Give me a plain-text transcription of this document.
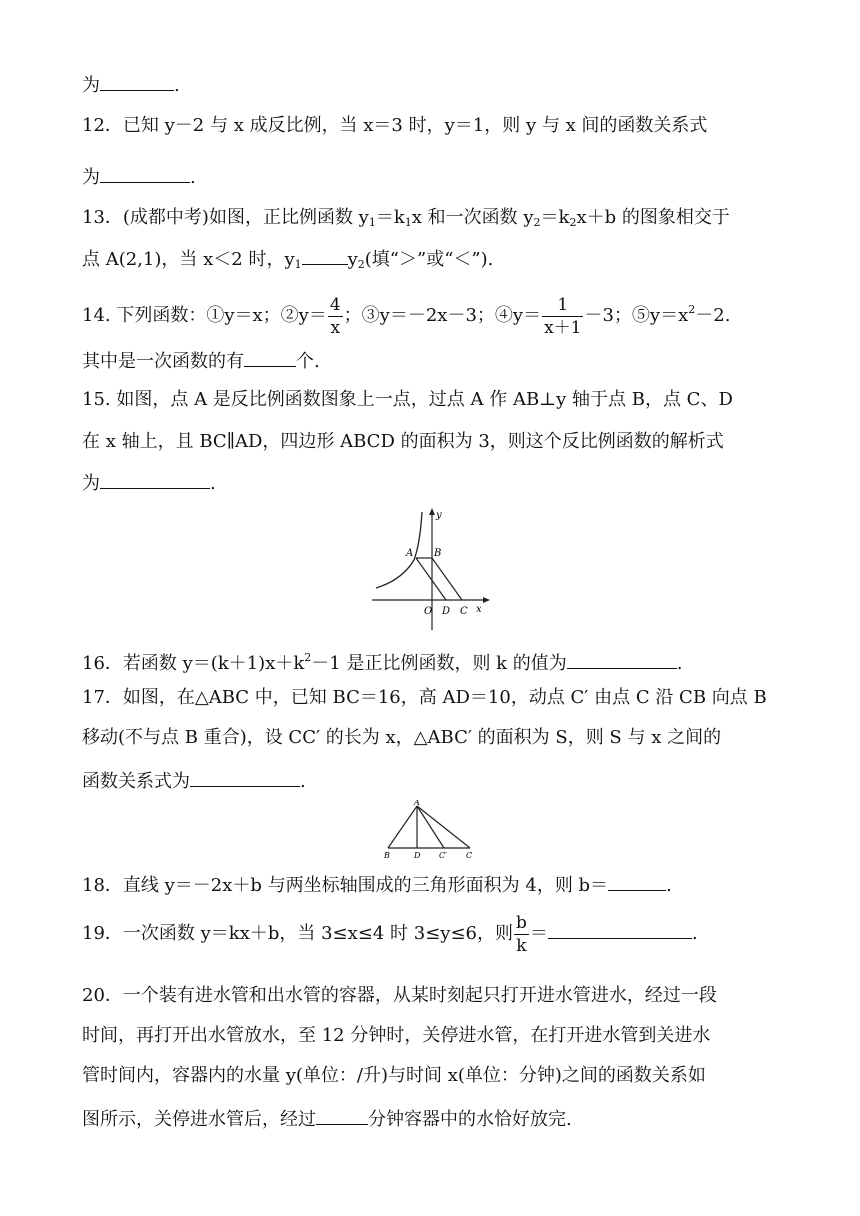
为	.
12．已知 y－2 与 x 成反比例，当 x＝3 时，y＝1，则 y 与 x 间的函数关系式
为	.
13．(成都中考)如图，正比例函数 $y_1=k_1x$ 和一次函数 $y_2=k_2x+b$ 的图象相交于
点 A(2,1)，当 x＜2 时，$y_1$	$y_2$(填“＞”或“＜”).
14. 下列函数：①y＝x；②y＝ $\frac{4}{x}$ ；③y＝－2x－3；④y＝ $\frac{1}{x+1} -3$；$⑤y=x^2-2$.
其中是一次函数的有	个.
15. 如图，点 A 是反比例函数图象上一点，过点 A 作 AB⊥y 轴于点 B，点 C、D
在 x 轴上，且 BC∥AD，四边形 ABCD 的面积为 3，则这个反比例函数的解析式
为	.
A B
O D C x
y
16．若函数 $y=(k+1)x+k^2-1$ 是正比例函数，则 k 的值为	.
17．如图，在△ABC 中，已知 BC＝16，高 AD＝10，动点 C′ 由点 C 沿 CB 向点 B
移动(不与点 B 重合)，设 CC′ 的长为 x，△ABC′ 的面积为 S，则 S 与 x 之间的
函数关系式为	.
A
B	D C′ C
18．直线 y＝－2x＋b 与两坐标轴围成的三角形面积为 4，则 b＝	.
19．一次函数 y＝kx＋b，当 3≤x≤4 时 3≤y≤6，则 $\frac{b}{k}$ ＝	.
20．一个装有进水管和出水管的容器，从某时刻起只打开进水管进水，经过一段
时间，再打开出水管放水，至 12 分钟时，关停进水管，在打开进水管到关进水
管时间内，容器内的水量 y(单位：/升)与时间 x(单位：分钟)之间的函数关系如
图所示，关停进水管后，经过	分钟容器中的水恰好放完.
